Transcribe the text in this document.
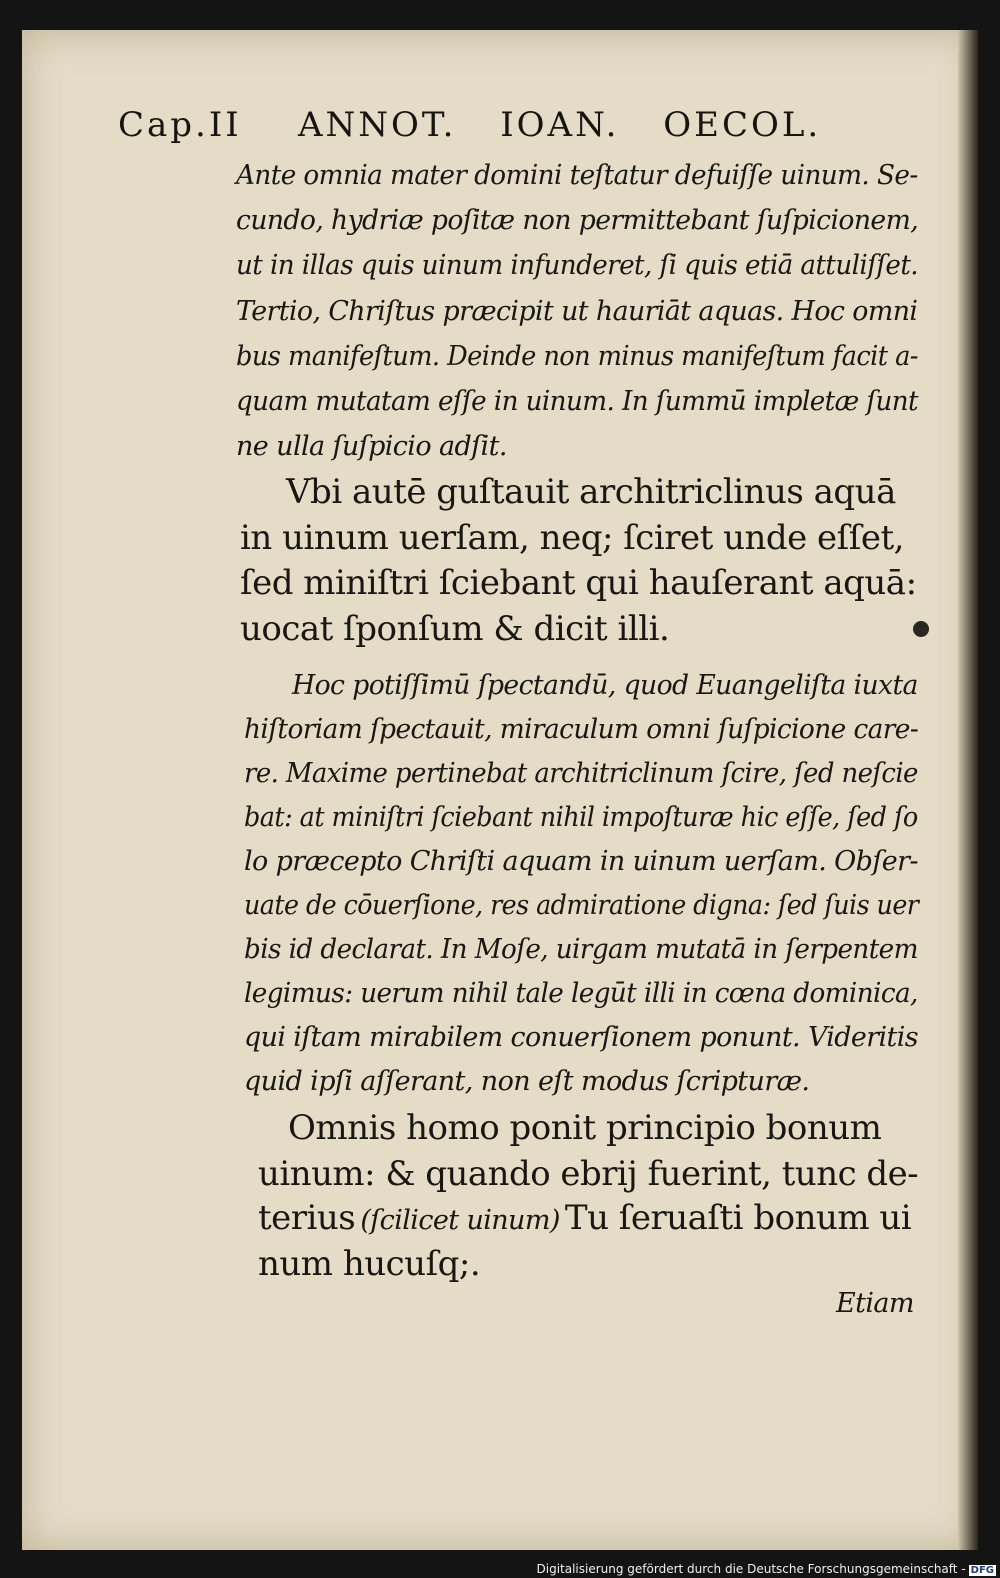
Cap.II ANNOT. IOAN. OECOL.
Ante omnia mater domini teſtatur defuiſſe uinum. Se-
cundo, hydriæ poſitæ non permittebant ſuſpicionem,
ut in illas quis uinum infunderet, ſi quis etiā attuliſſet.
Tertio, Chriſtus præcipit ut hauriāt aquas. Hoc omni
bus manifeſtum. Deinde non minus manifeſtum facit a-
quam mutatam eſſe in uinum. In ſummū impletæ ſunt
ne ulla ſuſpicio adſit.
Vbi autē guſtauit architriclinus aquā
in uinum uerſam, neq; ſciret unde eſſet,
ſed miniſtri ſciebant qui hauſerant aquā:
uocat ſponſum & dicit illi.
Hoc potiſſimū ſpectandū, quod Euangeliſta iuxta
hiſtoriam ſpectauit, miraculum omni ſuſpicione care-
re. Maxime pertinebat architriclinum ſcire, ſed neſcie
bat: at miniſtri ſciebant nihil impoſturæ hic eſſe, ſed ſo
lo præcepto Chriſti aquam in uinum uerſam. Obſer-
uate de cōuerſione, res admiratione digna: ſed ſuis uer
bis id declarat. In Moſe, uirgam mutatā in ſerpentem
legimus: uerum nihil tale legūt illi in cœna dominica,
qui iſtam mirabilem conuerſionem ponunt. Videritis
quid ipſi aſſerant, non eſt modus ſcripturæ.
Omnis homo ponit principio bonum
uinum: & quando ebrij fuerint, tunc de-
terius (ſcilicet uinum) Tu ſeruaſti bonum ui
num hucuſq;.
Etiam
Digitalisierung gefördert durch die Deutsche Forschungsgemeinschaft - DFG
